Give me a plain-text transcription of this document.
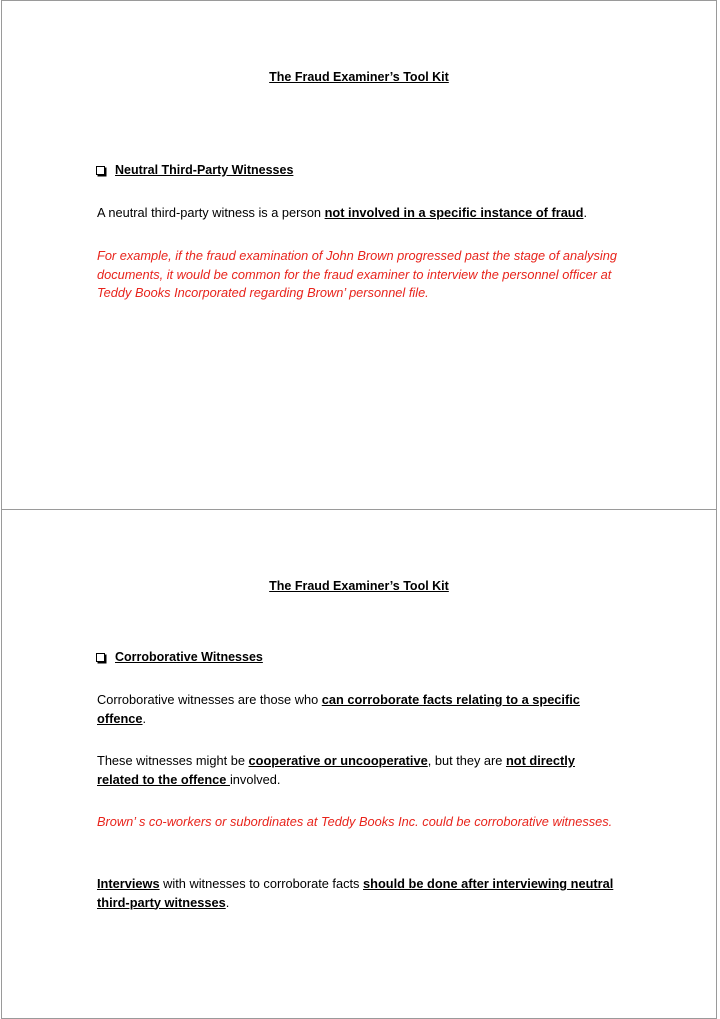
The Fraud Examiner’s Tool Kit
Neutral Third-Party Witnesses
A neutral third-party witness is a person not involved in a specific instance of fraud.
For example, if the fraud examination of John Brown progressed past the stage of analysing documents, it would be common for the fraud examiner to interview the personnel officer at Teddy Books Incorporated regarding Brown’ personnel file.
The Fraud Examiner’s Tool Kit
Corroborative Witnesses
Corroborative witnesses are those who can corroborate facts relating to a specific offence.
These witnesses might be cooperative or uncooperative, but they are not directly related to the offence involved.
Brown’ s co-workers or subordinates at Teddy Books Inc. could be corroborative witnesses.
Interviews with witnesses to corroborate facts should be done after interviewing neutral third-party witnesses.
